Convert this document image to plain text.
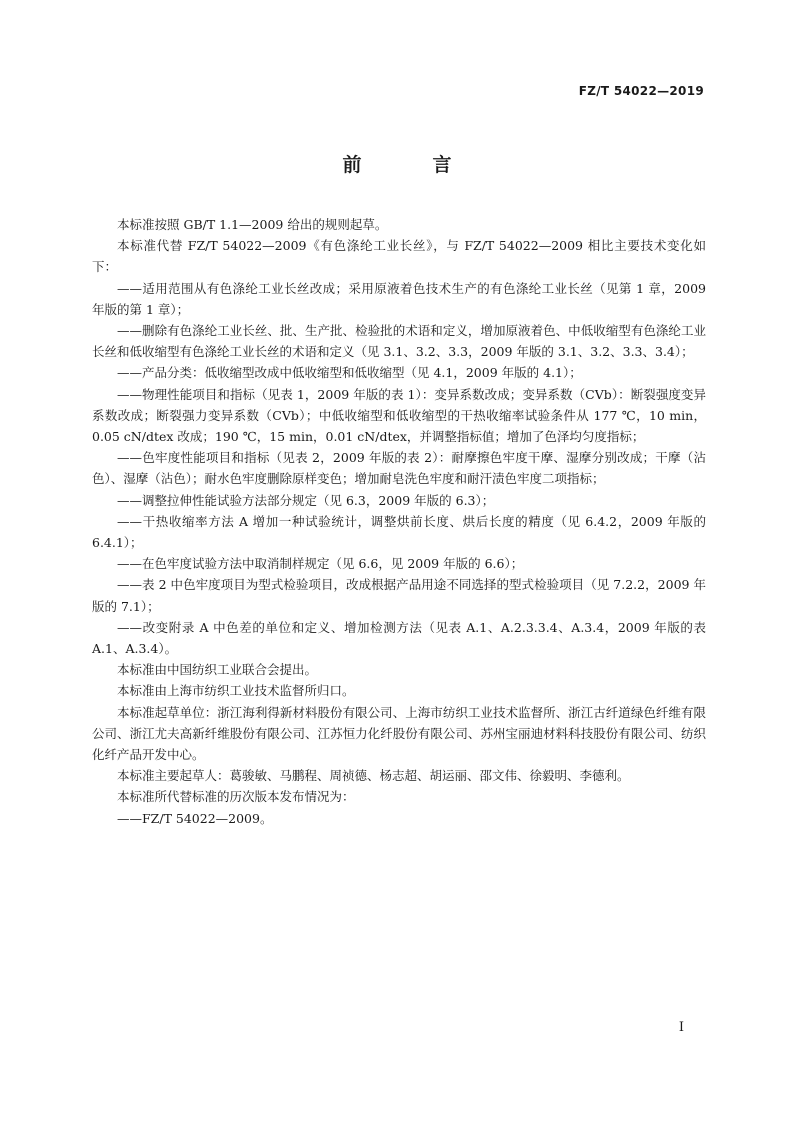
FZ/T 54022—2019
前　言

本标准按照 GB/T 1.1—2009 给出的规则起草。

本标准代替 FZ/T 54022—2009《有色涤纶工业长丝》，与 FZ/T 54022—2009 相比主要技术变化如下：

——适用范围从有色涤纶工业长丝改成；采用原液着色技术生产的有色涤纶工业长丝（见第 1 章，2009 年版的第 1 章）；

——删除有色涤纶工业长丝、批、生产批、检验批的术语和定义，增加原液着色、中低收缩型有色涤纶工业长丝和低收缩型有色涤纶工业长丝的术语和定义（见 3.1、3.2、3.3，2009 年版的 3.1、3.2、3.3、3.4）；

——产品分类：低收缩型改成中低收缩型和低收缩型（见 4.1，2009 年版的 4.1）；

——物理性能项目和指标（见表 1，2009 年版的表 1）：变异系数改成；变异系数（CVb）：断裂强度变异系数改成；断裂强力变异系数（CVb）；中低收缩型和低收缩型的干热收缩率试验条件从 177 ℃，10 min，0.05 cN/dtex 改成；190 ℃，15 min，0.01 cN/dtex，并调整指标值；增加了色泽均匀度指标；

——色牢度性能项目和指标（见表 2，2009 年版的表 2）：耐摩擦色牢度干摩、湿摩分别改成；干摩（沾色）、湿摩（沾色）；耐水色牢度删除原样变色；增加耐皂洗色牢度和耐汗渍色牢度二项指标；

——调整拉伸性能试验方法部分规定（见 6.3，2009 年版的 6.3）；

——干热收缩率方法 A 增加一种试验统计，调整烘前长度、烘后长度的精度（见 6.4.2，2009 年版的 6.4.1）；

——在色牢度试验方法中取消制样规定（见 6.6，见 2009 年版的 6.6）；

——表 2 中色牢度项目为型式检验项目，改成根据产品用途不同选择的型式检验项目（见 7.2.2，2009 年版的 7.1）；

——改变附录 A 中色差的单位和定义、增加检测方法（见表 A.1、A.2.3.3.4、A.3.4，2009 年版的表 A.1、A.3.4）。

本标准由中国纺织工业联合会提出。

本标准由上海市纺织工业技术监督所归口。

本标准起草单位：浙江海利得新材料股份有限公司、上海市纺织工业技术监督所、浙江古纤道绿色纤维有限公司、浙江尤夫高新纤维股份有限公司、江苏恒力化纤股份有限公司、苏州宝丽迪材料科技股份有限公司、纺织化纤产品开发中心。

本标准主要起草人：葛骏敏、马鹏程、周祯德、杨志超、胡运丽、邵文伟、徐毅明、李德利。

本标准所代替标准的历次版本发布情况为：

——FZ/T 54022—2009。

Ⅰ
